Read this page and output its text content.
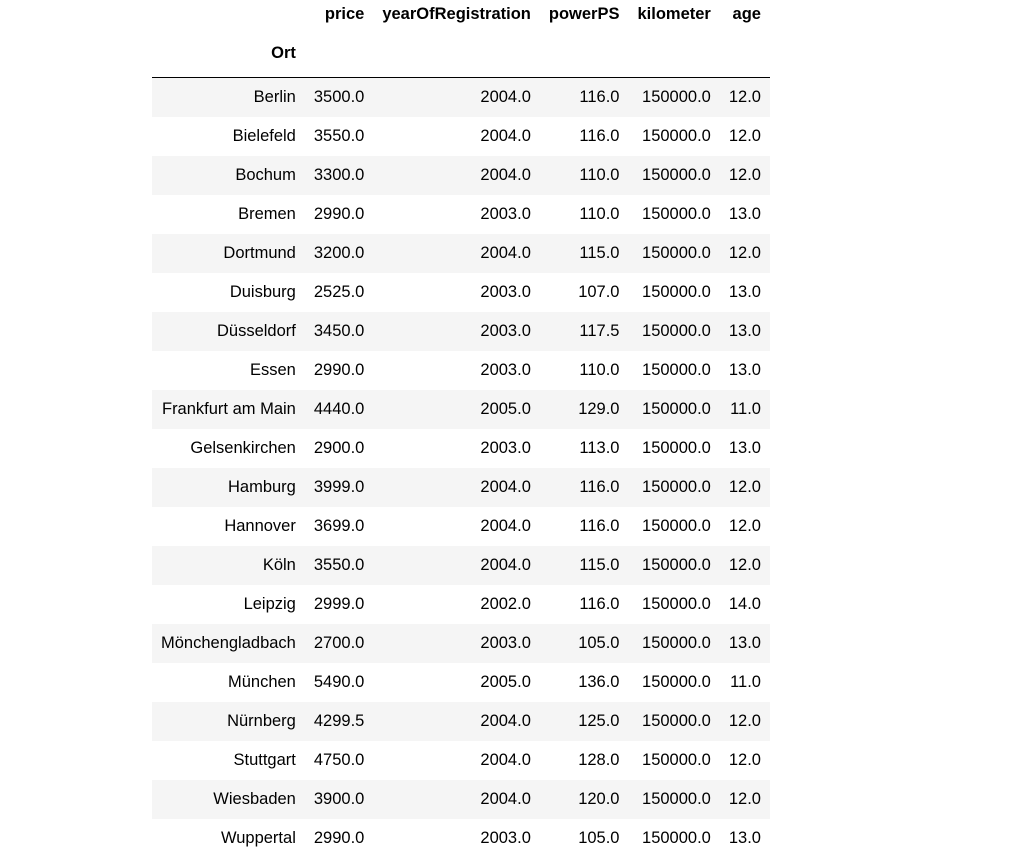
	price	yearOfRegistration	powerPS	kilometer	age
Ort					
Berlin	3500.0	2004.0	116.0	150000.0	12.0
Bielefeld	3550.0	2004.0	116.0	150000.0	12.0
Bochum	3300.0	2004.0	110.0	150000.0	12.0
Bremen	2990.0	2003.0	110.0	150000.0	13.0
Dortmund	3200.0	2004.0	115.0	150000.0	12.0
Duisburg	2525.0	2003.0	107.0	150000.0	13.0
Düsseldorf	3450.0	2003.0	117.5	150000.0	13.0
Essen	2990.0	2003.0	110.0	150000.0	13.0
Frankfurt am Main	4440.0	2005.0	129.0	150000.0	11.0
Gelsenkirchen	2900.0	2003.0	113.0	150000.0	13.0
Hamburg	3999.0	2004.0	116.0	150000.0	12.0
Hannover	3699.0	2004.0	116.0	150000.0	12.0
Köln	3550.0	2004.0	115.0	150000.0	12.0
Leipzig	2999.0	2002.0	116.0	150000.0	14.0
Mönchengladbach	2700.0	2003.0	105.0	150000.0	13.0
München	5490.0	2005.0	136.0	150000.0	11.0
Nürnberg	4299.5	2004.0	125.0	150000.0	12.0
Stuttgart	4750.0	2004.0	128.0	150000.0	12.0
Wiesbaden	3900.0	2004.0	120.0	150000.0	12.0
Wuppertal	2990.0	2003.0	105.0	150000.0	13.0
